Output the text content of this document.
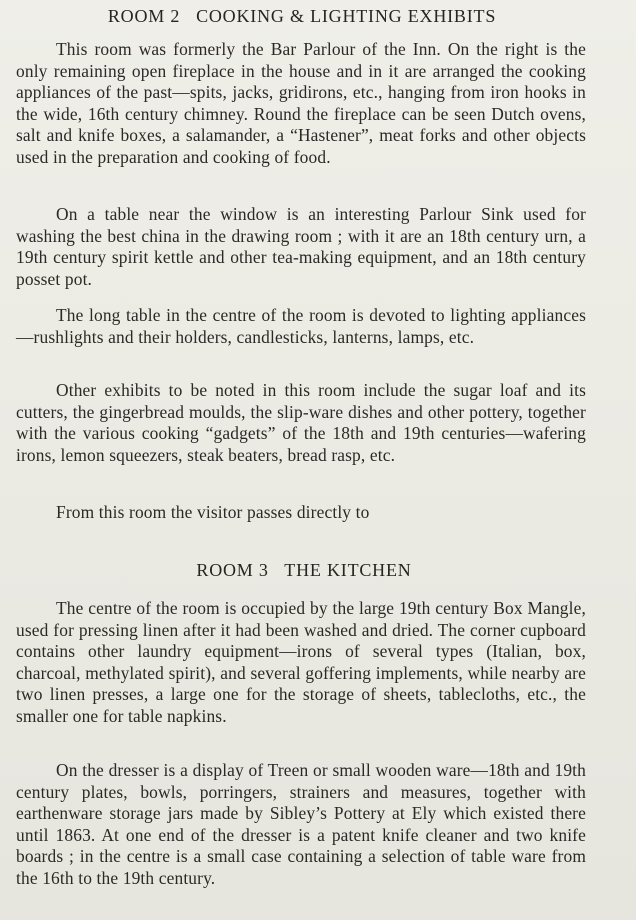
ROOM 2   COOKING & LIGHTING EXHIBITS

This room was formerly the Bar Parlour of the Inn. On the right is the only remaining open fireplace in the house and in it are arranged the cooking appliances of the past—spits, jacks, gridirons, etc., hanging from iron hooks in the wide, 16th century chimney. Round the fireplace can be seen Dutch ovens, salt and knife boxes, a salamander, a “Hastener”, meat forks and other objects used in the preparation and cooking of food.

On a table near the window is an interesting Parlour Sink used for washing the best china in the drawing room ; with it are an 18th century urn, a 19th century spirit kettle and other tea-making equipment, and an 18th century posset pot.

The long table in the centre of the room is devoted to lighting appliances—rushlights and their holders, candlesticks, lanterns, lamps, etc.

Other exhibits to be noted in this room include the sugar loaf and its cutters, the gingerbread moulds, the slip-ware dishes and other pottery, together with the various cooking “gadgets” of the 18th and 19th centuries—wafering irons, lemon squeezers, steak beaters, bread rasp, etc.

From this room the visitor passes directly to

ROOM 3   THE KITCHEN

The centre of the room is occupied by the large 19th century Box Mangle, used for pressing linen after it had been washed and dried. The corner cupboard contains other laundry equipment—irons of several types (Italian, box, charcoal, methylated spirit), and several goffering implements, while nearby are two linen presses, a large one for the storage of sheets, tablecloths, etc., the smaller one for table napkins.

On the dresser is a display of Treen or small wooden ware—18th and 19th century plates, bowls, porringers, strainers and measures, together with earthenware storage jars made by Sibley’s Pottery at Ely which existed there until 1863. At one end of the dresser is a patent knife cleaner and two knife boards ; in the centre is a small case containing a selection of table ware from the 16th to the 19th century.
